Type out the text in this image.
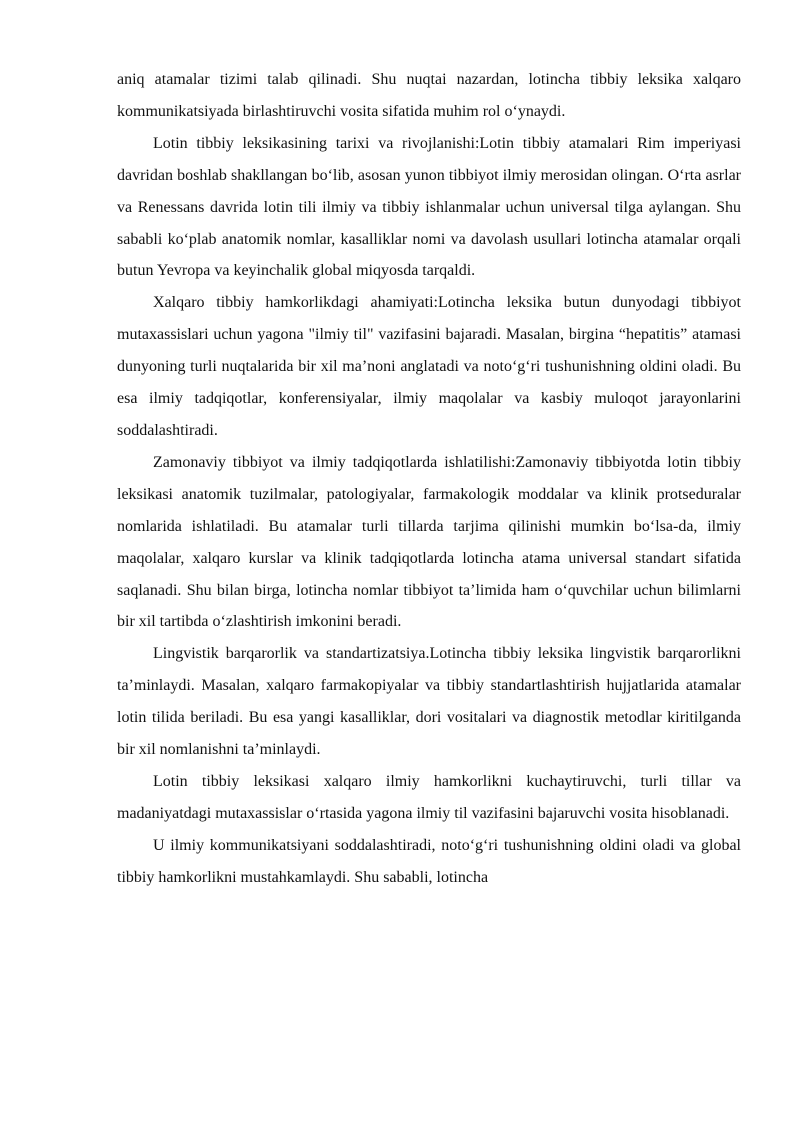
aniq atamalar tizimi talab qilinadi. Shu nuqtai nazardan, lotincha tibbiy leksika xalqaro kommunikatsiyada birlashtiruvchi vosita sifatida muhim rol o‘ynaydi.

Lotin tibbiy leksikasining tarixi va rivojlanishi:Lotin tibbiy atamalari Rim imperiyasi davridan boshlab shakllangan bo‘lib, asosan yunon tibbiyot ilmiy merosidan olingan. O‘rta asrlar va Renessans davrida lotin tili ilmiy va tibbiy ishlanmalar uchun universal tilga aylangan. Shu sababli ko‘plab anatomik nomlar, kasalliklar nomi va davolash usullari lotincha atamalar orqali butun Yevropa va keyinchalik global miqyosda tarqaldi.

Xalqaro tibbiy hamkorlikdagi ahamiyati:Lotincha leksika butun dunyodagi tibbiyot mutaxassislari uchun yagona "ilmiy til" vazifasini bajaradi. Masalan, birgina “hepatitis” atamasi dunyoning turli nuqtalarida bir xil ma’noni anglatadi va noto‘g‘ri tushunishning oldini oladi. Bu esa ilmiy tadqiqotlar, konferensiyalar, ilmiy maqolalar va kasbiy muloqot jarayonlarini soddalashtiradi.

Zamonaviy tibbiyot va ilmiy tadqiqotlarda ishlatilishi:Zamonaviy tibbiyotda lotin tibbiy leksikasi anatomik tuzilmalar, patologiyalar, farmakologik moddalar va klinik protseduralar nomlarida ishlatiladi. Bu atamalar turli tillarda tarjima qilinishi mumkin bo‘lsa-da, ilmiy maqolalar, xalqaro kurslar va klinik tadqiqotlarda lotincha atama universal standart sifatida saqlanadi. Shu bilan birga, lotincha nomlar tibbiyot ta’limida ham o‘quvchilar uchun bilimlarni bir xil tartibda o‘zlashtirish imkonini beradi.

Lingvistik barqarorlik va standartizatsiya.Lotincha tibbiy leksika lingvistik barqarorlikni ta’minlaydi. Masalan, xalqaro farmakopiyalar va tibbiy standartlashtirish hujjatlarida atamalar lotin tilida beriladi. Bu esa yangi kasalliklar, dori vositalari va diagnostik metodlar kiritilganda bir xil nomlanishni ta’minlaydi.

Lotin tibbiy leksikasi xalqaro ilmiy hamkorlikni kuchaytiruvchi, turli tillar va madaniyatdagi mutaxassislar o‘rtasida yagona ilmiy til vazifasini bajaruvchi vosita hisoblanadi.

U ilmiy kommunikatsiyani soddalashtiradi, noto‘g‘ri tushunishning oldini oladi va global tibbiy hamkorlikni mustahkamlaydi. Shu sababli, lotincha
